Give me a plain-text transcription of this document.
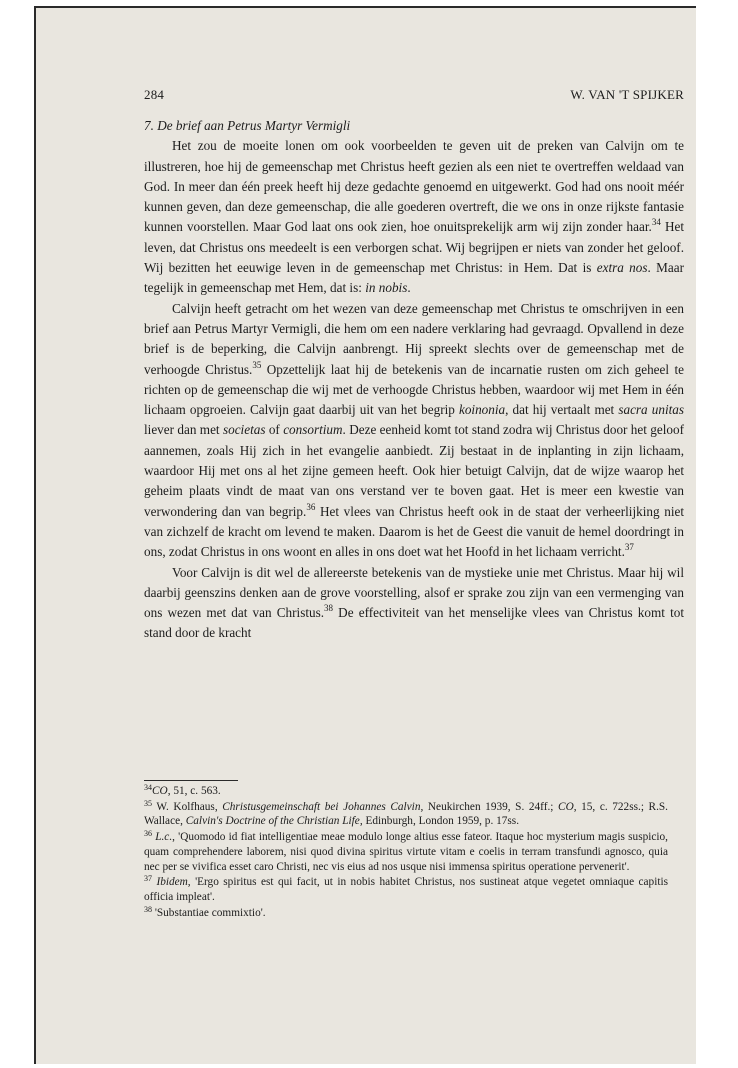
284	W. VAN 'T SPIJKER

7. De brief aan Petrus Martyr Vermigli

Het zou de moeite lonen om ook voorbeelden te geven uit de preken van Calvijn om te illustreren, hoe hij de gemeenschap met Christus heeft gezien als een niet te overtreffen weldaad van God. In meer dan één preek heeft hij deze gedachte genoemd en uitgewerkt. God had ons nooit méér kunnen geven, dan deze gemeenschap, die alle goederen overtreft, die we ons in onze rijkste fantasie kunnen voorstellen. Maar God laat ons ook zien, hoe onuitsprekelijk arm wij zijn zonder haar.$^{34}$ Het leven, dat Christus ons meedeelt is een verborgen schat. Wij begrijpen er niets van zonder het geloof. Wij bezitten het eeuwige leven in de gemeenschap met Christus: in Hem. Dat is extra nos. Maar tegelijk in gemeenschap met Hem, dat is: in nobis.

Calvijn heeft getracht om het wezen van deze gemeenschap met Christus te omschrijven in een brief aan Petrus Martyr Vermigli, die hem om een nadere verklaring had gevraagd. Opvallend in deze brief is de beperking, die Calvijn aanbrengt. Hij spreekt slechts over de gemeenschap met de verhoogde Christus.$^{35}$ Opzettelijk laat hij de betekenis van de incarnatie rusten om zich geheel te richten op de gemeenschap die wij met de verhoogde Christus hebben, waardoor wij met Hem in één lichaam opgroeien. Calvijn gaat daarbij uit van het begrip koinonia, dat hij vertaalt met sacra unitas liever dan met societas of consortium. Deze eenheid komt tot stand zodra wij Christus door het geloof aannemen, zoals Hij zich in het evangelie aanbiedt. Zij bestaat in de inplanting in zijn lichaam, waardoor Hij met ons al het zijne gemeen heeft. Ook hier betuigt Calvijn, dat de wijze waarop het geheim plaats vindt de maat van ons verstand ver te boven gaat. Het is meer een kwestie van verwondering dan van begrip.$^{36}$ Het vlees van Christus heeft ook in de staat der verheerlijking niet van zichzelf de kracht om levend te maken. Daarom is het de Geest die vanuit de hemel doordringt in ons, zodat Christus in ons woont en alles in ons doet wat het Hoofd in het lichaam verricht.$^{37}$

Voor Calvijn is dit wel de allereerste betekenis van de mystieke unie met Christus. Maar hij wil daarbij geenszins denken aan de grove voorstelling, alsof er sprake zou zijn van een vermenging van ons wezen met dat van Christus.$^{38}$ De effectiviteit van het menselijke vlees van Christus komt tot stand door de kracht

$^{34}$CO, 51, c. 563.

$^{35}$ W. Kolfhaus, Christusgemeinschaft bei Johannes Calvin, Neukirchen 1939, S. 24ff.; CO, 15, c. 722ss.; R.S. Wallace, Calvin's Doctrine of the Christian Life, Edinburgh, London 1959, p. 17ss.

$^{36}$ L.c., 'Quomodo id fiat intelligentiae meae modulo longe altius esse fateor. Itaque hoc mysterium magis suspicio, quam comprehendere laborem, nisi quod divina spiritus virtute vitam e coelis in terram transfundi agnosco, quia nec per se vivifica esset caro Christi, nec vis eius ad nos usque nisi immensa spiritus operatione pervenerit'.

$^{37}$ Ibidem, 'Ergo spiritus est qui facit, ut in nobis habitet Christus, nos sustineat atque vegetet omniaque capitis officia impleat'.

$^{38}$ 'Substantiae commixtio'.
